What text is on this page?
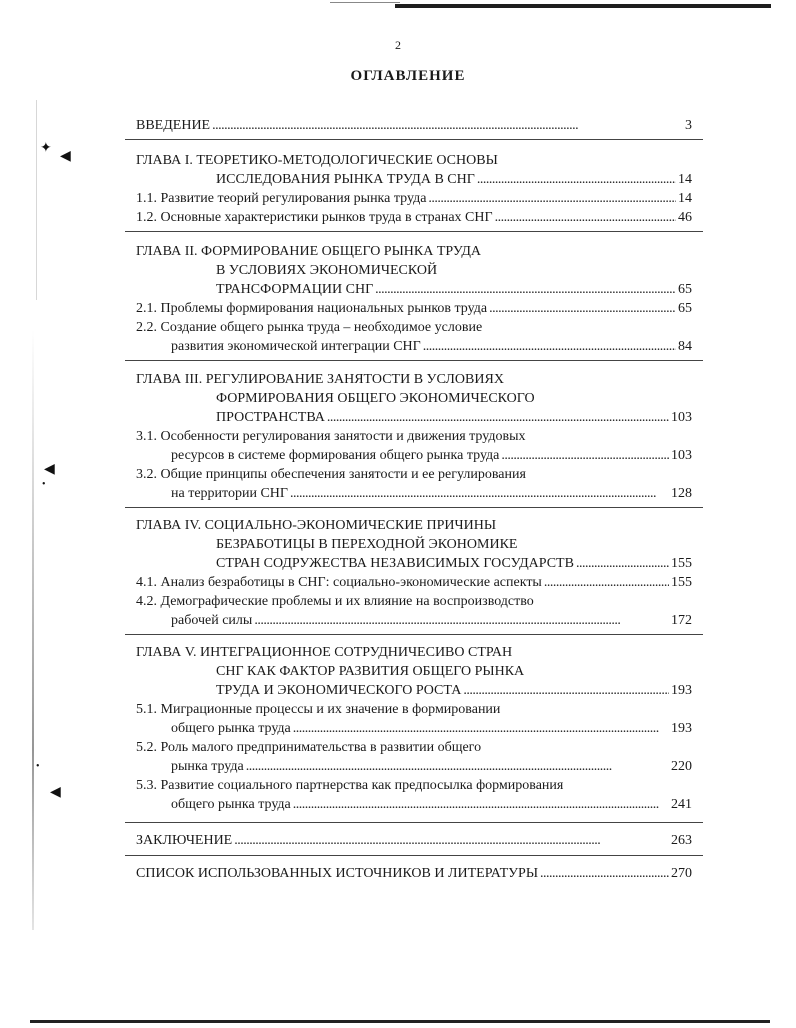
✦
◀
◀
•
•
◀
2
ОГЛАВЛЕНИЕ
ВВЕДЕНИЕ . . .	3
ГЛАВА I. ТЕОРЕТИКО-МЕТОДОЛОГИЧЕСКИЕ ОСНОВЫ
ИССЛЕДОВАНИЯ РЫНКА ТРУДА В СНГ . . .	14
1.1. Развитие теорий регулирования рынка труда . . .	14
1.2. Основные характеристики рынков труда в странах СНГ . . .	46
ГЛАВА II. ФОРМИРОВАНИЕ ОБЩЕГО РЫНКА ТРУДА
В УСЛОВИЯХ ЭКОНОМИЧЕСКОЙ
ТРАНСФОРМАЦИИ СНГ . . .	65
2.1. Проблемы формирования национальных рынков труда . . .	65
2.2. Создание общего рынка труда – необходимое условие
развития экономической интеграции СНГ . . .	84
ГЛАВА III. РЕГУЛИРОВАНИЕ ЗАНЯТОСТИ В УСЛОВИЯХ
ФОРМИРОВАНИЯ ОБЩЕГО ЭКОНОМИЧЕСКОГО
ПРОСТРАНСТВА . . .	103
3.1. Особенности регулирования занятости и движения трудовых
ресурсов в системе формирования общего рынка труда . . .	103
3.2. Общие принципы обеспечения занятости и ее регулирования
на территории СНГ . . .	128
ГЛАВА IV. СОЦИАЛЬНО-ЭКОНОМИЧЕСКИЕ ПРИЧИНЫ
БЕЗРАБОТИЦЫ В ПЕРЕХОДНОЙ ЭКОНОМИКЕ
СТРАН СОДРУЖЕСТВА НЕЗАВИСИМЫХ ГОСУДАРСТВ . . .	155
4.1. Анализ безработицы в СНГ: социально-экономические аспекты . . .	155
4.2. Демографические проблемы и их влияние на воспроизводство
рабочей силы . . .	172
ГЛАВА V. ИНТЕГРАЦИОННОЕ СОТРУДНИЧЕСИВО СТРАН
СНГ КАК ФАКТОР РАЗВИТИЯ ОБЩЕГО РЫНКА
ТРУДА И ЭКОНОМИЧЕСКОГО РОСТА . . .	193
5.1. Миграционные процессы и их значение в формировании
общего рынка труда . . .	193
5.2. Роль малого предпринимательства в развитии общего
рынка труда . . .	220
5.3. Развитие социального партнерства как предпосылка формирования
общего рынка труда . . .	241
ЗАКЛЮЧЕНИЕ . . .	263
СПИСОК ИСПОЛЬЗОВАННЫХ ИСТОЧНИКОВ И ЛИТЕРАТУРЫ . . .	270
